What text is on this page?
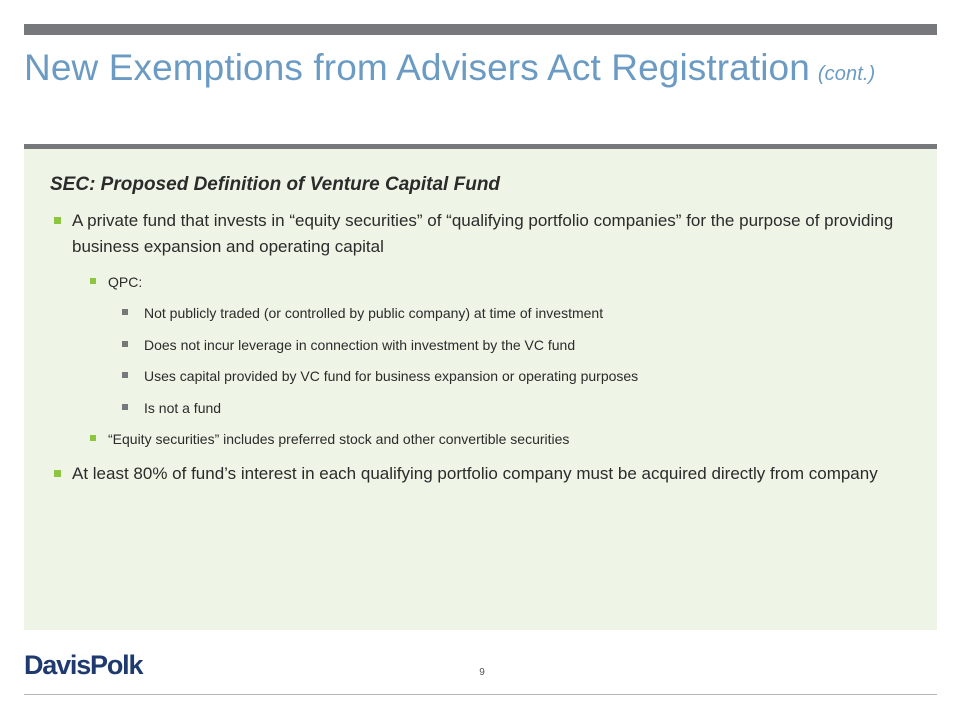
New Exemptions from Advisers Act Registration (cont.)
SEC: Proposed Definition of Venture Capital Fund
A private fund that invests in “equity securities” of “qualifying portfolio companies” for the purpose of providing business expansion and operating capital
QPC:
Not publicly traded (or controlled by public company) at time of investment
Does not incur leverage in connection with investment by the VC fund
Uses capital provided by VC fund for business expansion or operating purposes
Is not a fund
“Equity securities” includes preferred stock and other convertible securities
At least 80% of fund’s interest in each qualifying portfolio company must be acquired directly from company
DavisPolk	9
